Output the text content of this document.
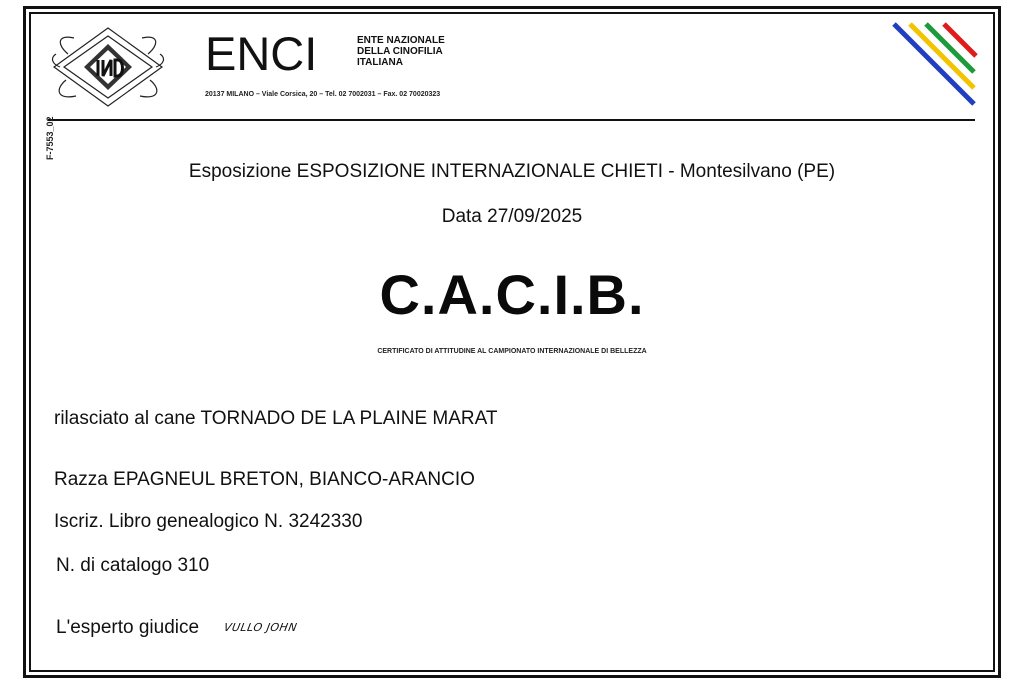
ENCI	ENTE NAZIONALE
DELLA CINOFILIA
ITALIANA
20137 MILANO – Viale Corsica, 20 – Tel. 02 7002031 – Fax. 02 70020323
F-7553_02
Esposizione ESPOSIZIONE INTERNAZIONALE CHIETI - Montesilvano (PE)
Data 27/09/2025
C.A.C.I.B.
CERTIFICATO DI ATTITUDINE AL CAMPIONATO INTERNAZIONALE DI BELLEZZA
rilasciato al cane TORNADO DE LA PLAINE MARAT
Razza EPAGNEUL BRETON, BIANCO-ARANCIO
Iscriz. Libro genealogico N. 3242330
N. di catalogo 310
L'esperto giudice VULLO JOHN
